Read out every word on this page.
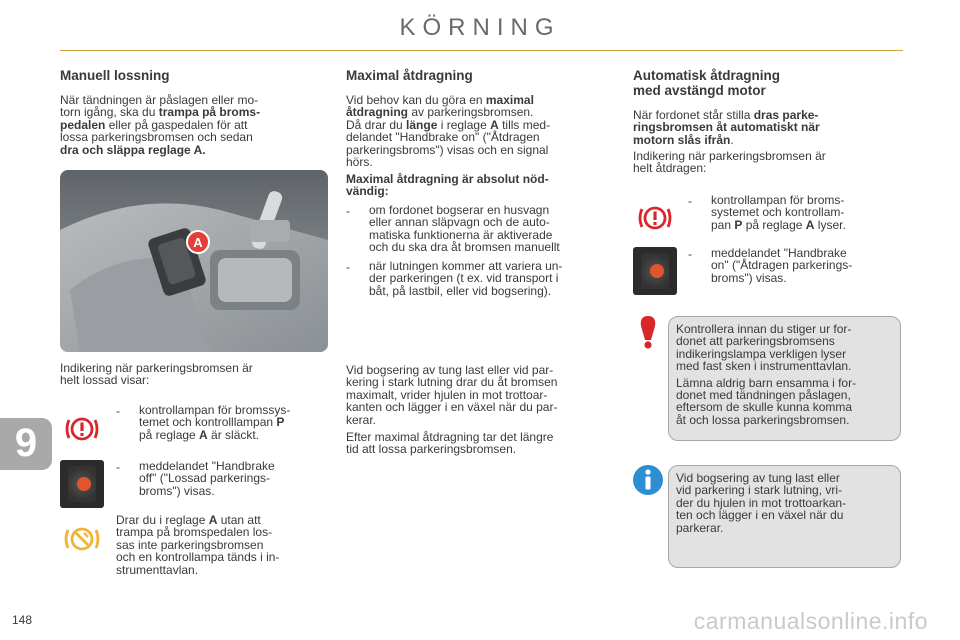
KÖRNING
9
Manuell lossning
När tändningen är påslagen eller mo-
torn igång, ska du trampa på broms-
pedalen eller på gaspedalen för att
lossa parkeringsbromsen och sedan
dra och släppa reglage A.
A
Indikering när parkeringsbromsen är
helt lossad visar:
- kontrollampan för bromssys-
temet och kontrolllampan P
på reglage A är släckt.
- meddelandet "Handbrake
off" ("Lossad parkerings-
broms") visas.
Drar du i reglage A utan att
trampa på bromspedalen los-
sas inte parkeringsbromsen
och en kontrollampa tänds i in-
strumenttavlan.
Maximal åtdragning
Vid behov kan du göra en maximal
åtdragning av parkeringsbromsen.
Då drar du länge i reglage A tills med-
delandet "Handbrake on" ("Åtdragen
parkeringsbroms") visas och en signal
hörs.
Maximal åtdragning är absolut nöd-
vändig:
- om fordonet bogserar en husvagn
eller annan släpvagn och de auto-
matiska funktionerna är aktiverade
och du ska dra åt bromsen manuellt
- när lutningen kommer att variera un-
der parkeringen (t ex. vid transport i
båt, på lastbil, eller vid bogsering).
Vid bogsering av tung last eller vid par-
kering i stark lutning drar du åt bromsen
maximalt, vrider hjulen in mot trottoar-
kanten och lägger i en växel när du par-
kerar.
Efter maximal åtdragning tar det längre
tid att lossa parkeringsbromsen.
Automatisk åtdragning
med avstängd motor
När fordonet står stilla dras parke-
ringsbromsen åt automatiskt när
motorn slås ifrån.
Indikering när parkeringsbromsen är
helt åtdragen:
- kontrollampan för broms-
systemet och kontrollam-
pan P på reglage A lyser.
- meddelandet "Handbrake
on" ("Åtdragen parkerings-
broms") visas.
Kontrollera innan du stiger ur for-
donet att parkeringsbromsens
indikeringslampa verkligen lyser
med fast sken i instrumenttavlan.
Lämna aldrig barn ensamma i for-
donet med tändningen påslagen,
eftersom de skulle kunna komma
åt och lossa parkeringsbromsen.
Vid bogsering av tung last eller
vid parkering i stark lutning, vri-
der du hjulen in mot trottoarkan-
ten och lägger i en växel när du
parkerar.
148	carmanualsonline.info
